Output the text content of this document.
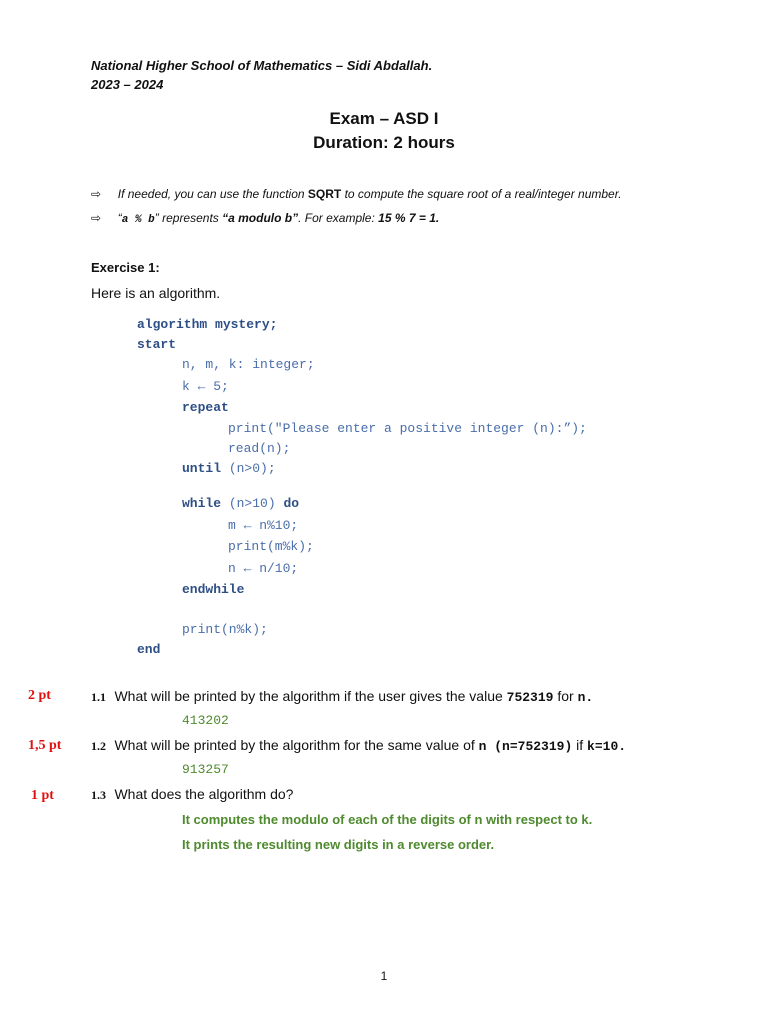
National Higher School of Mathematics – Sidi Abdallah.
2023 – 2024
Exam – ASD I
Duration: 2 hours
⇨ If needed, you can use the function SQRT to compute the square root of a real/integer number.
⇨ “a % b” represents “a modulo b”. For example: 15 % 7 = 1.
Exercise 1:
Here is an algorithm.
algorithm mystery;
start
n, m, k: integer;
k ← 5;
repeat
print("Please enter a positive integer (n):”);
read(n);
until (n>0);
while (n>10) do
m ← n%10;
print(m%k);
n ← n/10;
endwhile
print(n%k);
end
2 pt	1.1 What will be printed by the algorithm if the user gives the value 752319 for n.
413202
1,5 pt 1.2 What will be printed by the algorithm for the same value of n (n=752319) if k=10.
913257
1 pt	1.3 What does the algorithm do?
It computes the modulo of each of the digits of n with respect to k.
It prints the resulting new digits in a reverse order.
1
